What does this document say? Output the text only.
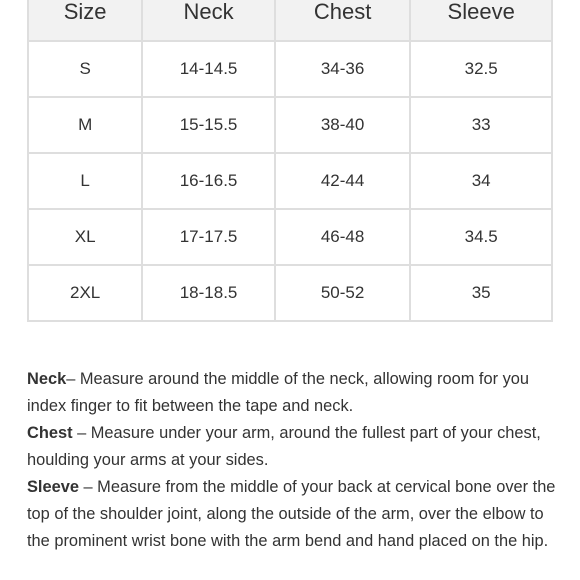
Size	Neck	Chest	Sleeve
S	14-14.5	34-36	32.5
M	15-15.5	38-40	33
L	16-16.5	42-44	34
XL	17-17.5	46-48	34.5
2XL	18-18.5	50-52	35

Neck– Measure around the middle of the neck, allowing room for you index finger to fit between the tape and neck.

Chest – Measure under your arm, around the fullest part of your chest, houlding your arms at your sides.

Sleeve – Measure from the middle of your back at cervical bone over the top of the shoulder joint, along the outside of the arm, over the elbow to the prominent wrist bone with the arm bend and hand placed on the hip.
